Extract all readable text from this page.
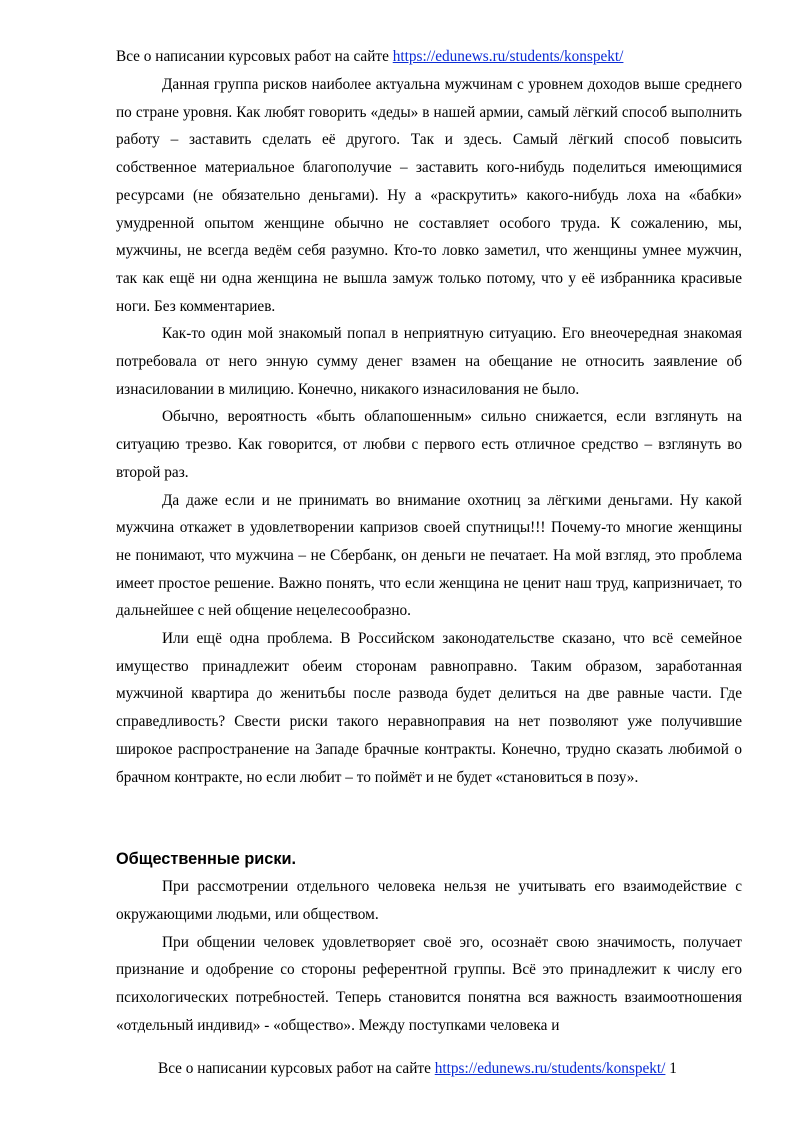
Все о написании курсовых работ на сайте https://edunews.ru/students/konspekt/

Данная группа рисков наиболее актуальна мужчинам с уровнем доходов выше среднего по стране уровня. Как любят говорить «деды» в нашей армии, самый лёгкий способ выполнить работу – заставить сделать её другого. Так и здесь. Самый лёгкий способ повысить собственное материальное благополучие – заставить кого-нибудь поделиться имеющимися ресурсами (не обязательно деньгами). Ну а «раскрутить» какого-нибудь лоха на «бабки» умудренной опытом женщине обычно не составляет особого труда. К сожалению, мы, мужчины, не всегда ведём себя разумно. Кто-то ловко заметил, что женщины умнее мужчин, так как ещё ни одна женщина не вышла замуж только потому, что у её избранника красивые ноги. Без комментариев.

Как-то один мой знакомый попал в неприятную ситуацию. Его внеочередная знакомая потребовала от него энную сумму денег взамен на обещание не относить заявление об изнасиловании в милицию. Конечно, никакого изнасилования не было.

Обычно, вероятность «быть облапошенным» сильно снижается, если взглянуть на ситуацию трезво. Как говорится, от любви с первого есть отличное средство – взглянуть во второй раз.

Да даже если и не принимать во внимание охотниц за лёгкими деньгами. Ну какой мужчина откажет в удовлетворении капризов своей спутницы!!! Почему-то многие женщины не понимают, что мужчина – не Сбербанк, он деньги не печатает. На мой взгляд, это проблема имеет простое решение. Важно понять, что если женщина не ценит наш труд, капризничает, то дальнейшее с ней общение нецелесообразно.

Или ещё одна проблема. В Российском законодательстве сказано, что всё семейное имущество принадлежит обеим сторонам равноправно. Таким образом, заработанная мужчиной квартира до женитьбы после развода будет делиться на две равные части. Где справедливость? Свести риски такого неравноправия на нет позволяют уже получившие широкое распространение на Западе брачные контракты. Конечно, трудно сказать любимой о брачном контракте, но если любит – то поймёт и не будет «становиться в позу».

Общественные риски.

При рассмотрении отдельного человека нельзя не учитывать его взаимодействие с окружающими людьми, или обществом.

При общении человек удовлетворяет своё эго, осознаёт свою значимость, получает признание и одобрение со стороны референтной группы. Всё это принадлежит к числу его психологических потребностей. Теперь становится понятна вся важность взаимоотношения «отдельный индивид» - «общество». Между поступками человека и

Все о написании курсовых работ на сайте https://edunews.ru/students/konspekt/ 1
